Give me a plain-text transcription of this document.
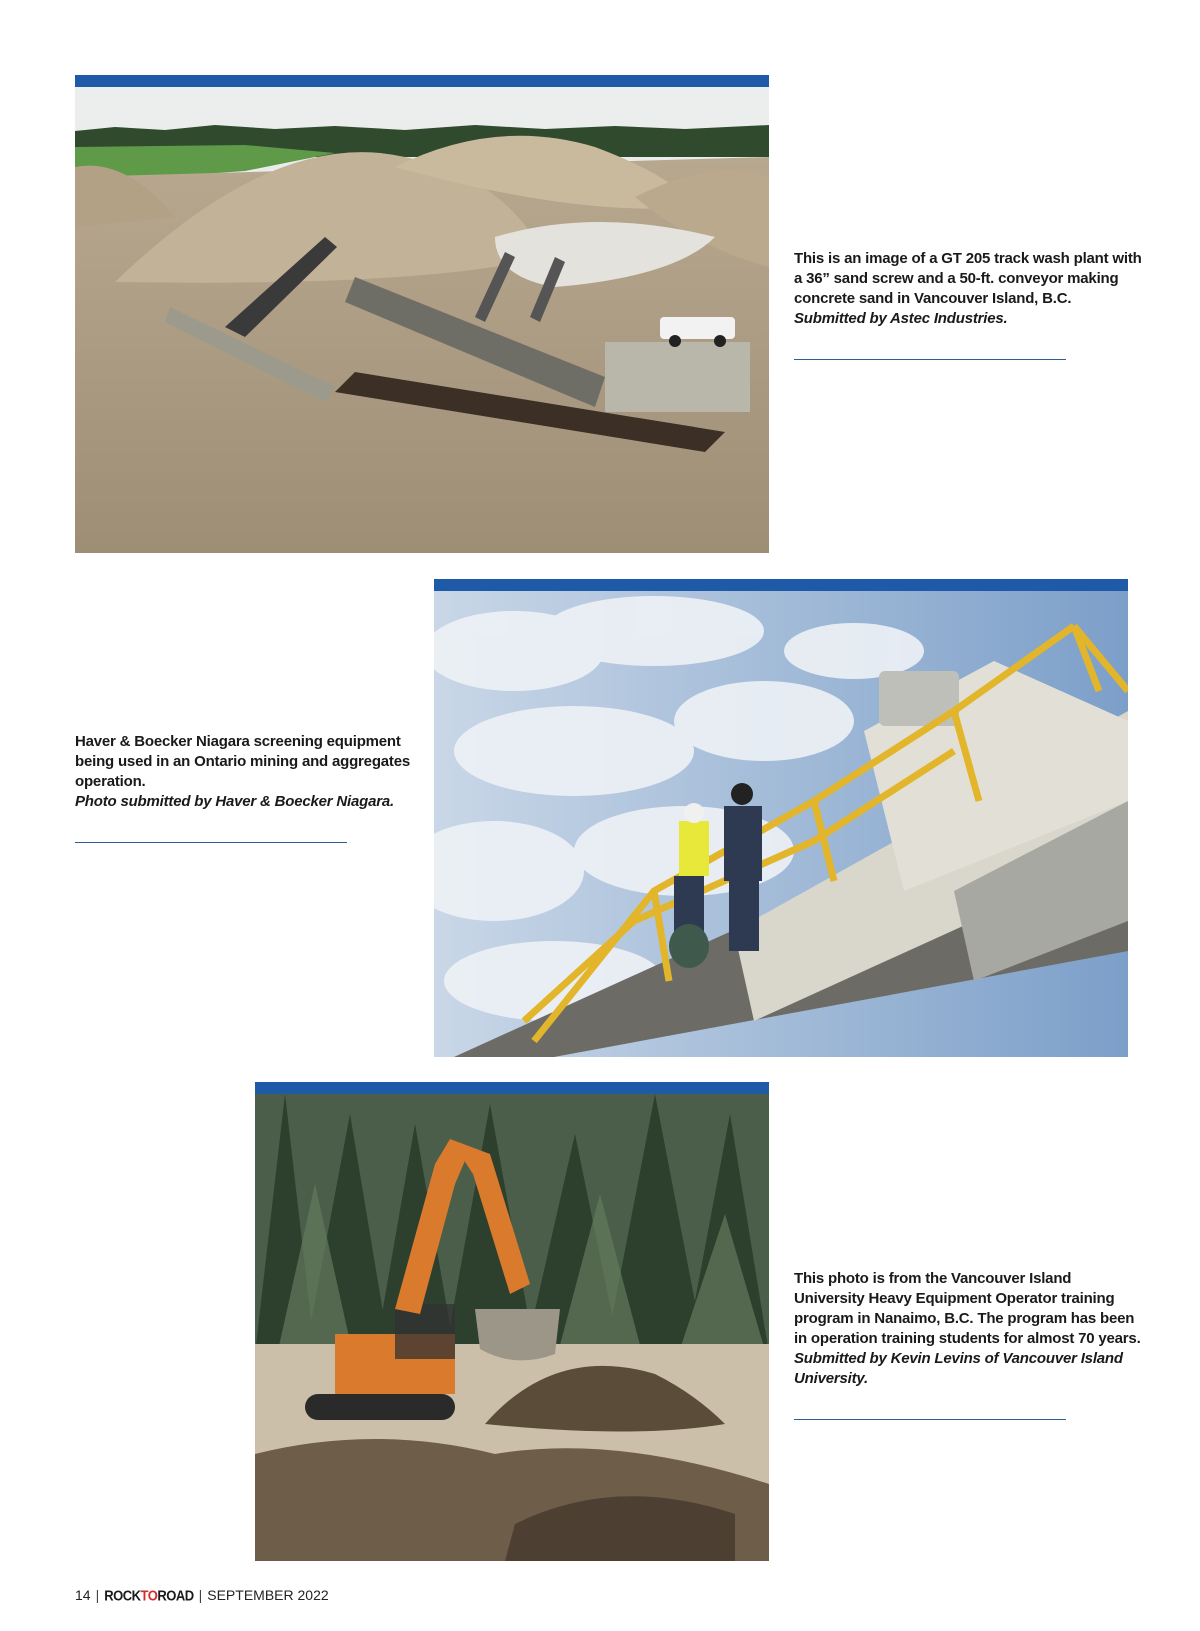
This is an image of a GT 205 track wash plant with a 36” sand screw and a 50-ft. conveyor making concrete sand in Vancouver Island, B.C.
Submitted by Astec Industries.
Haver & Boecker Niagara screening equipment being used in an Ontario mining and aggregates operation.
Photo submitted by Haver & Boecker Niagara.
This photo is from the Vancouver Island University Heavy Equipment Operator training program in Nanaimo, B.C. The program has been in operation training students for almost 70 years.
Submitted by Kevin Levins of Vancouver Island University.
14 | ROCK TO ROAD | SEPTEMBER 2022
